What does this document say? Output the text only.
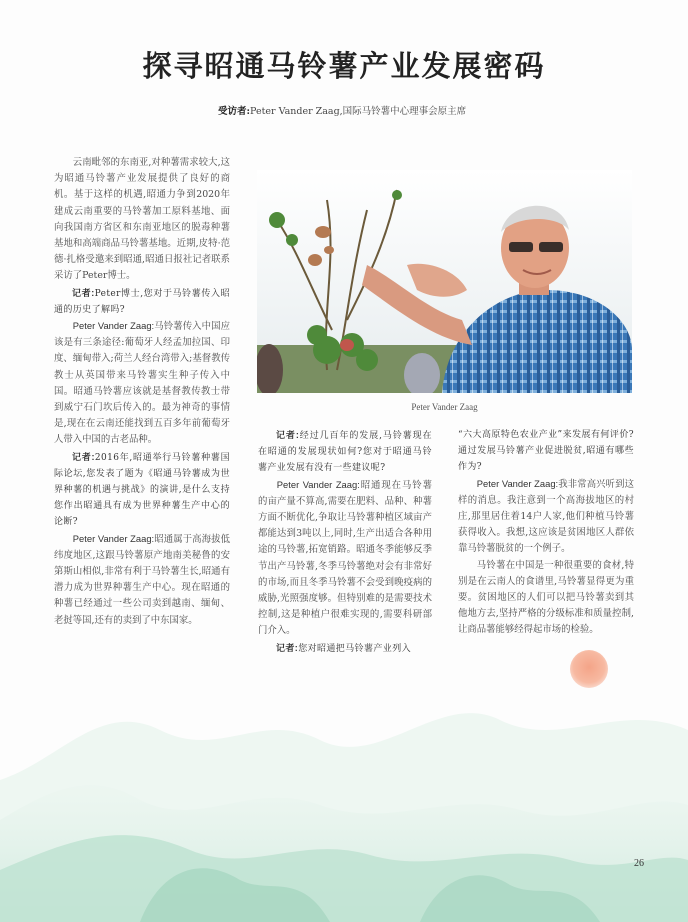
探寻昭通马铃薯产业发展密码
受访者:Peter Vander Zaag,国际马铃薯中心理事会原主席

云南毗邻的东南亚,对种薯需求较大,这为昭通马铃薯产业发展提供了良好的商机。基于这样的机遇,昭通力争到2020年建成云南重要的马铃薯加工原料基地、面向我国南方省区和东南亚地区的脱毒种薯基地和高端商品马铃薯基地。近期,皮特·范德·扎格受邀来到昭通,昭通日报社记者联系采访了Peter博士。

记者:Peter博士,您对于马铃薯传入昭通的历史了解吗?

Peter Vander Zaag:马铃薯传入中国应该是有三条途径:葡萄牙人经孟加拉国、印度、缅甸带入;荷兰人经台湾带入;基督教传教士从英国带来马铃薯实生种子传入中国。昭通马铃薯应该就是基督教传教士带到威宁石门坎后传入的。最为神奇的事情是,现在在云南还能找到五百多年前葡萄牙人带入中国的古老品种。

记者:2016年,昭通举行马铃薯种薯国际论坛,您发表了题为《昭通马铃薯成为世界种薯的机遇与挑战》的演讲,是什么支持您作出昭通具有成为世界种薯生产中心的论断?

Peter Vander Zaag:昭通属于高海拔低纬度地区,这跟马铃薯原产地南美秘鲁的安第斯山相似,非常有利于马铃薯生长,昭通有潜力成为世界种薯生产中心。现在昭通的种薯已经通过一些公司卖到越南、缅甸、老挝等国,还有的卖到了中东国家。

Peter Vander Zaag

记者:经过几百年的发展,马铃薯现在在昭通的发展现状如何?您对于昭通马铃薯产业发展有没有一些建议呢?

Peter Vander Zaag:昭通现在马铃薯的亩产量不算高,需要在肥料、品种、种薯方面不断优化,争取让马铃薯种植区域亩产都能达到3吨以上,同时,生产出适合各种用途的马铃薯,拓宽销路。昭通冬季能够反季节出产马铃薯,冬季马铃薯绝对会有非常好的市场,而且冬季马铃薯不会受到晚疫病的威胁,光照强度够。但特别难的是需要技术控制,这是种植户很难实现的,需要科研部门介入。

记者:您对昭通把马铃薯产业列入

“六大高原特色农业产业”来发展有何评价?通过发展马铃薯产业促进脱贫,昭通有哪些作为?

Peter Vander Zaag:我非常高兴听到这样的消息。我注意到一个高海拔地区的村庄,那里居住着14户人家,他们种植马铃薯获得收入。我想,这应该是贫困地区人群依靠马铃薯脱贫的一个例子。

马铃薯在中国是一种很重要的食材,特别是在云南人的食谱里,马铃薯显得更为重要。贫困地区的人们可以把马铃薯卖到其他地方去,坚持严格的分级标准和质量控制,让商品薯能够经得起市场的检验。

26
